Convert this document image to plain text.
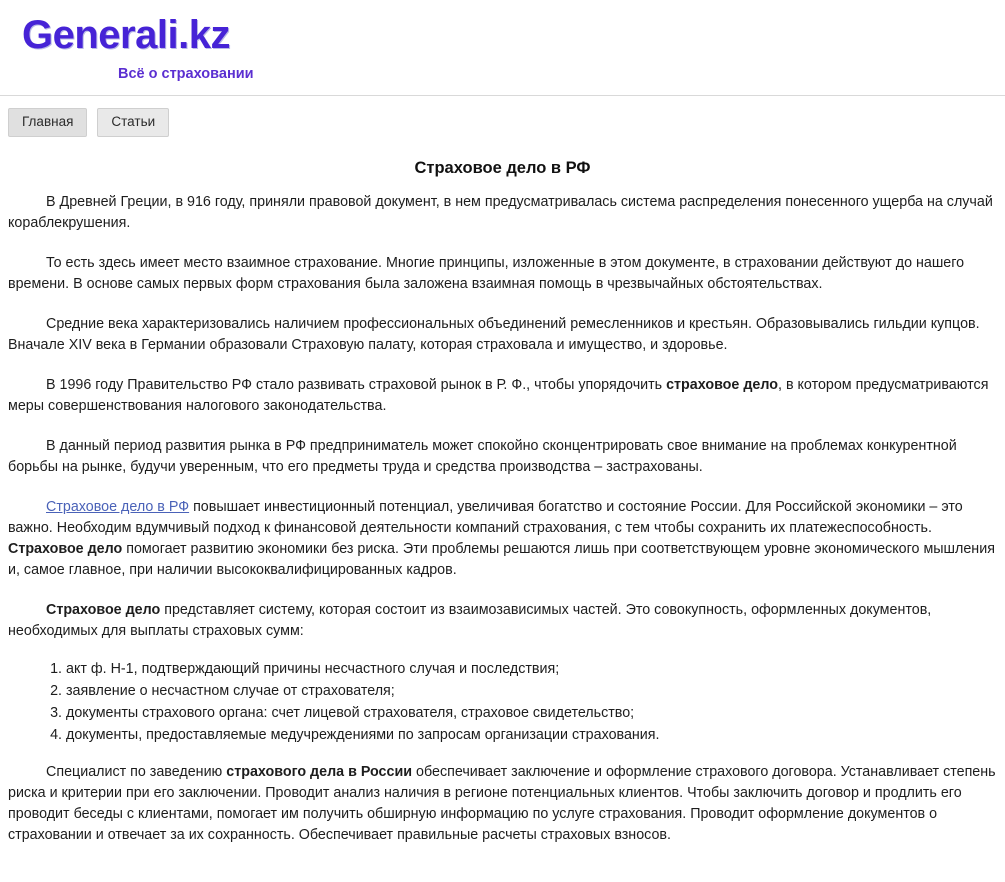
Generali.kz
Всё о страховании
Главная	Статьи
Страховое дело в РФ

В Древней Греции, в 916 году, приняли правовой документ, в нем предусматривалась система распределения понесенного ущерба на случай кораблекрушения.

То есть здесь имеет место взаимное страхование. Многие принципы, изложенные в этом документе, в страховании действуют до нашего времени. В основе самых первых форм страхования была заложена взаимная помощь в чрезвычайных обстоятельствах.

Средние века характеризовались наличием профессиональных объединений ремесленников и крестьян. Образовывались гильдии купцов. Вначале XIV века в Германии образовали Страховую палату, которая страховала и имущество, и здоровье.

В 1996 году Правительство РФ стало развивать страховой рынок в Р. Ф., чтобы упорядочить страховое дело, в котором предусматриваются меры совершенствования налогового законодательства.

В данный период развития рынка в РФ предприниматель может спокойно сконцентрировать свое внимание на проблемах конкурентной борьбы на рынке, будучи уверенным, что его предметы труда и средства производства – застрахованы.

Страховое дело в РФ повышает инвестиционный потенциал, увеличивая богатство и состояние России. Для Российской экономики – это важно. Необходим вдумчивый подход к финансовой деятельности компаний страхования, с тем чтобы сохранить их платежеспособность. Страховое дело помогает развитию экономики без риска. Эти проблемы решаются лишь при соответствующем уровне экономического мышления и, самое главное, при наличии высококвалифицированных кадров.

Страховое дело представляет систему, которая состоит из взаимозависимых частей. Это совокупность, оформленных документов, необходимых для выплаты страховых сумм:

1. акт ф. Н-1, подтверждающий причины несчастного случая и последствия;
2. заявление о несчастном случае от страхователя;
3. документы страхового органа: счет лицевой страхователя, страховое свидетельство;
4. документы, предоставляемые медучреждениями по запросам организации страхования.

Специалист по заведению страхового дела в России обеспечивает заключение и оформление страхового договора. Устанавливает степень риска и критерии при его заключении. Проводит анализ наличия в регионе потенциальных клиентов. Чтобы заключить договор и продлить его проводит беседы с клиентами, помогает им получить обширную информацию по услуге страхования. Проводит оформление документов о страховании и отвечает за их сохранность. Обеспечивает правильные расчеты страховых взносов.
